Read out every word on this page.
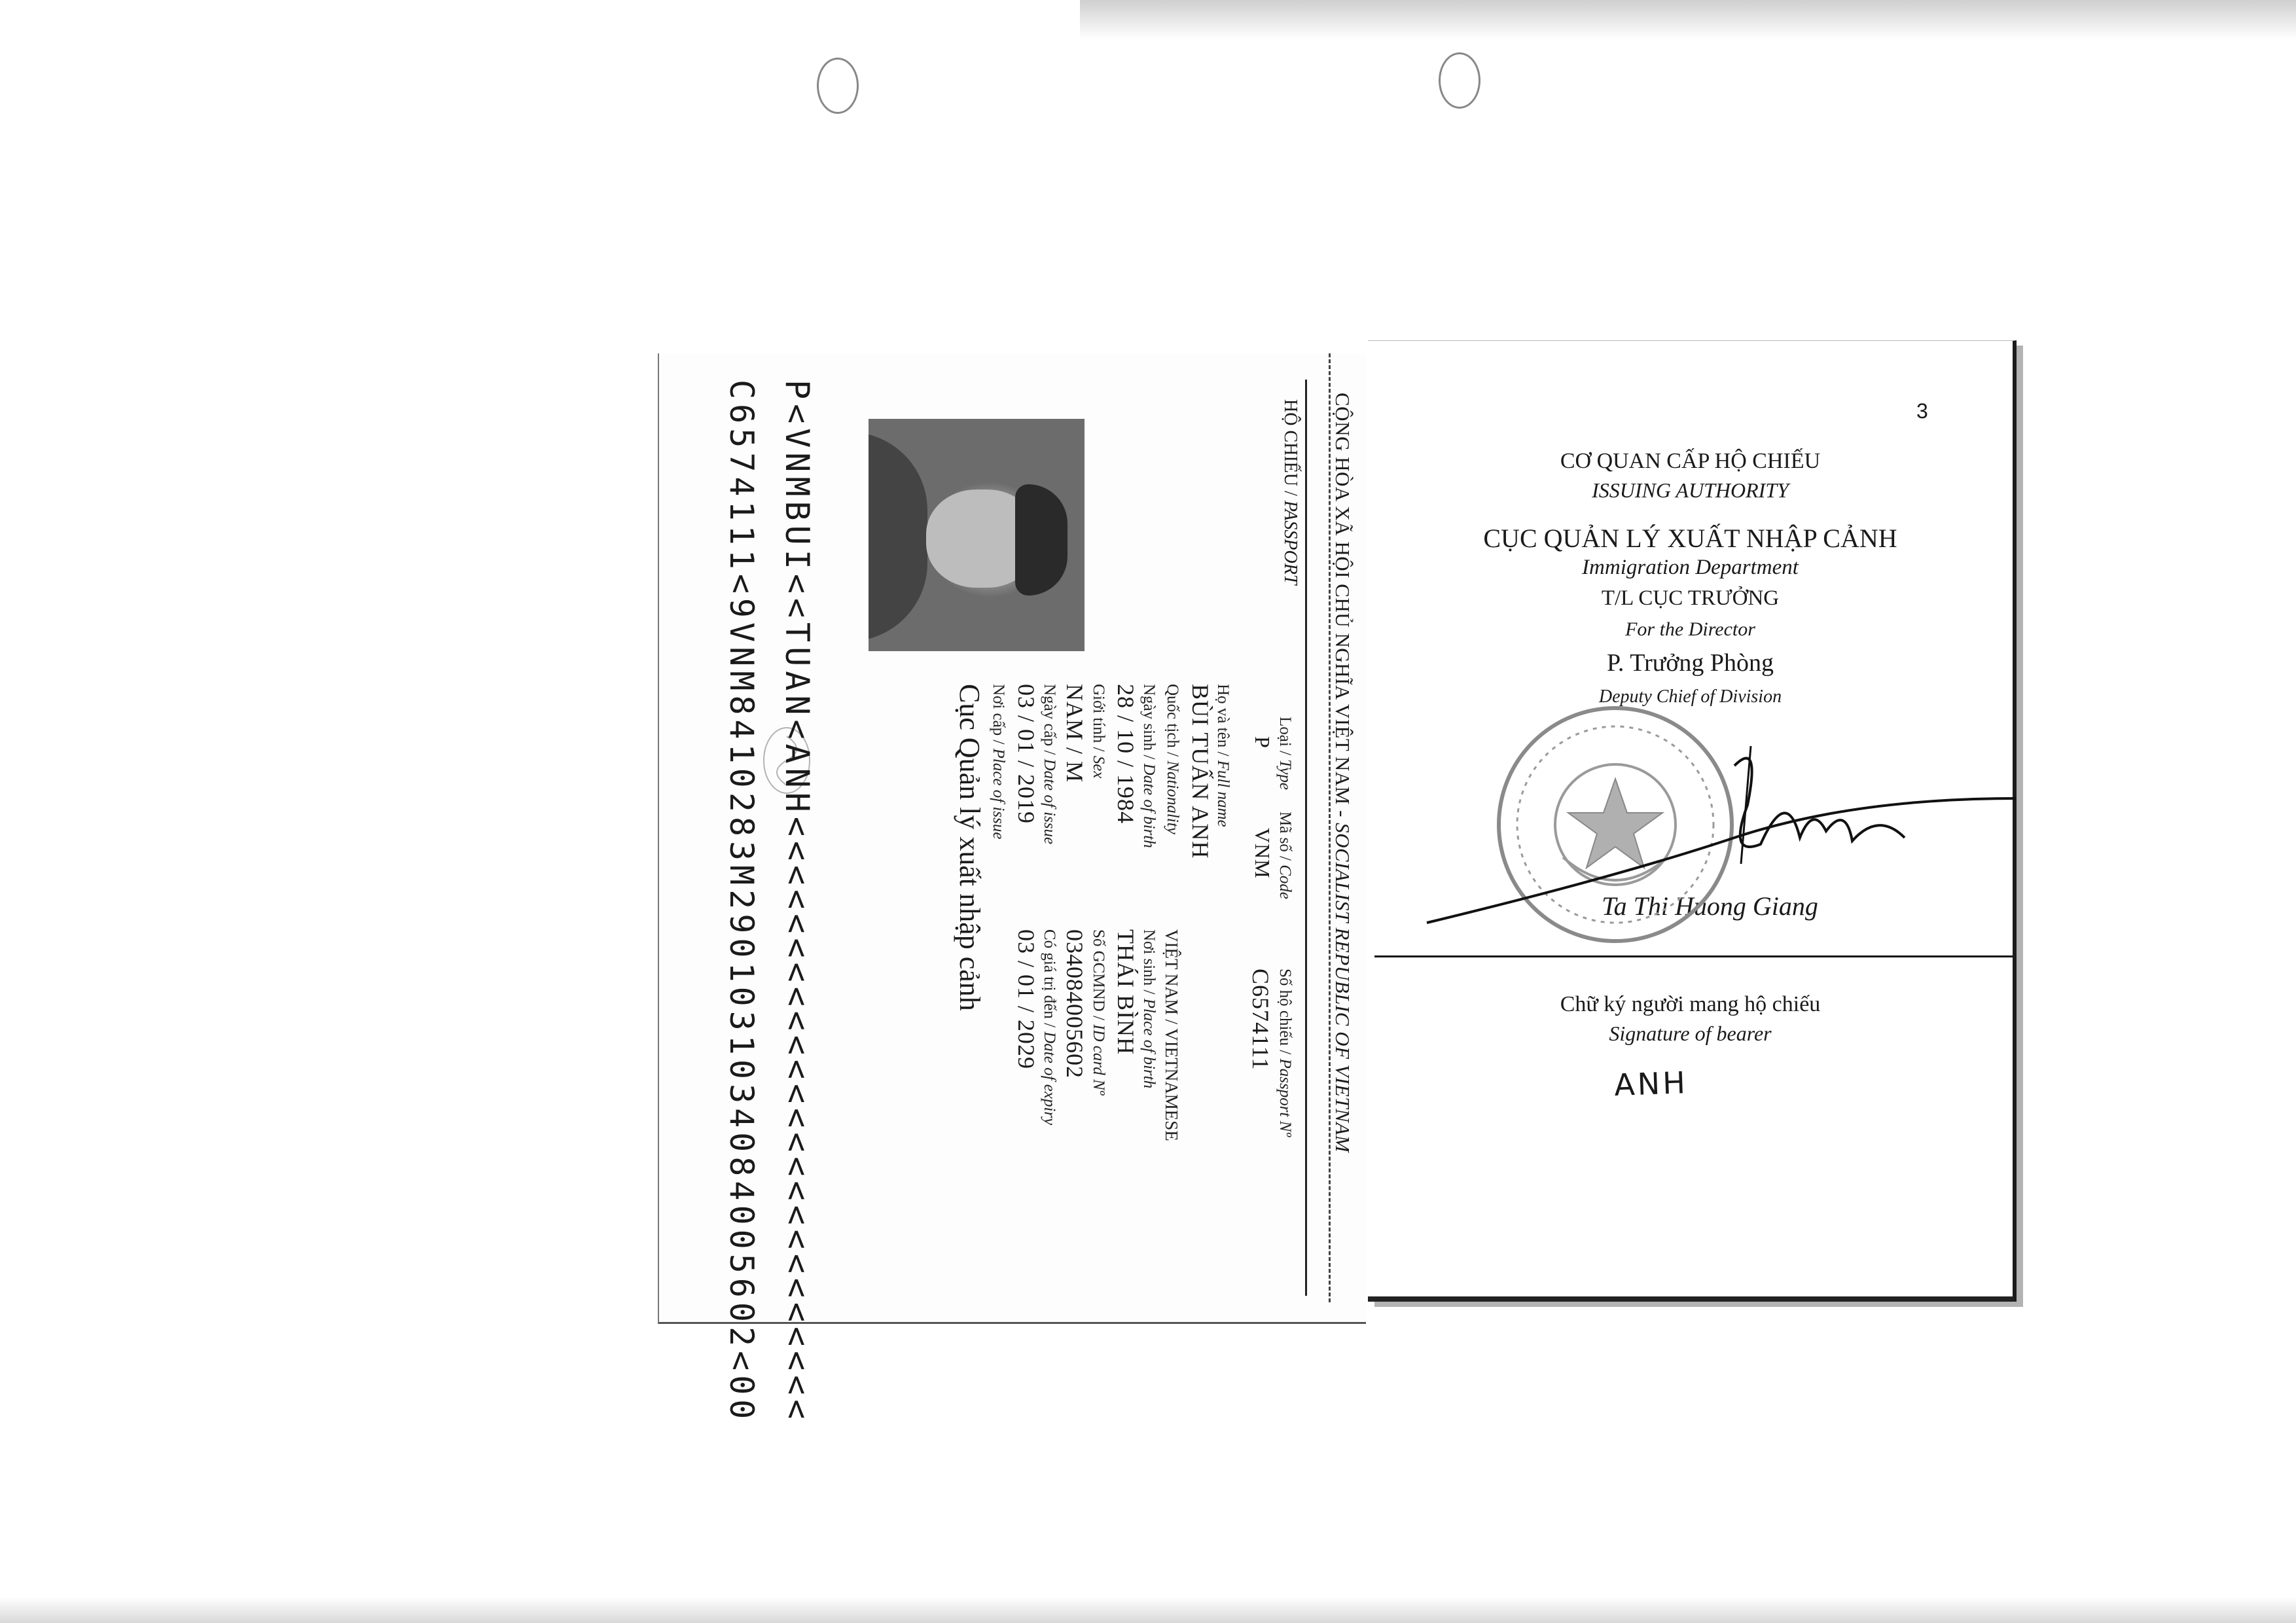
CỘNG HÒA XÃ HỘI CHỦ NGHĨA VIỆT NAM - SOCIALIST REPUBLIC OF VIETNAM
HỘ CHIẾU / PASSPORT
Loại / Type
P
Mã số / Code
VNM
Số hộ chiếu / Passport Nº
C6574111
Họ và tên / Full name
BÙI TUẤN ANH
Quốc tịch / Nationality
VIỆT NAM / VIETNAMESE
Ngày sinh / Date of birth
28 / 10 / 1984
Nơi sinh / Place of birth
THÁI BÌNH
Giới tính / Sex
NAM / M
Số GCMND / ID card Nº
034084005602
Ngày cấp / Date of issue
03 / 01 / 2019
Có giá trị đến / Date of expiry
03 / 01 / 2029
Nơi cấp / Place of issue
Cục Quản lý xuất nhập cảnh
P<VNMBUI<<TUAN<ANH<<<<<<<<<<<<<<<<<<<<<<<<<
C6574111<9VNM8410283M2901031034084005602<00	CƠ QUAN CẤP HỘ CHIẾU
ISSUING AUTHORITY
CỤC QUẢN LÝ XUẤT NHẬP CẢNH
Immigration Department
T/L CỤC TRƯỞNG
For the Director
P. Trưởng Phòng
Deputy Chief of Division
Ta Thi Huong Giang
Chữ ký người mang hộ chiếu
Signature of bearer
ANH
3
